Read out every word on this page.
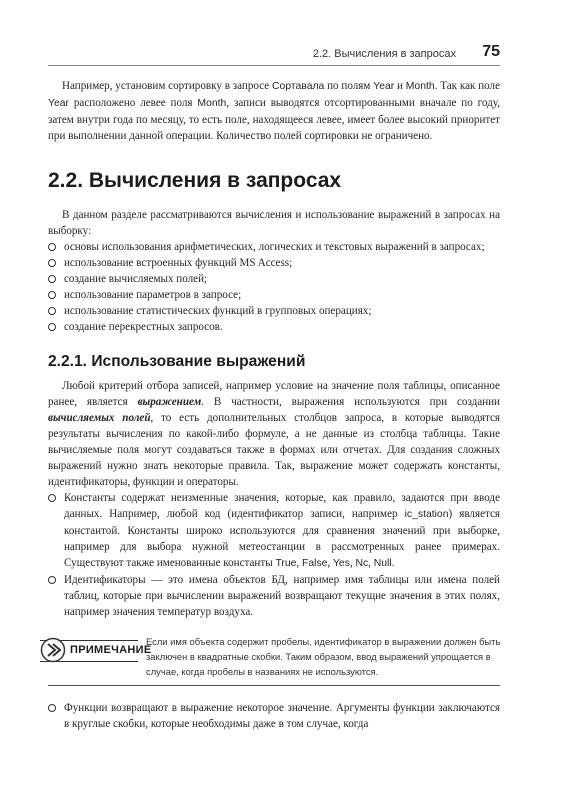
2.2. Вычисления в запросах 75

Например, установим сортировку в запросе Сортавала по полям Year и Month. Так как поле Year расположено левее поля Month, записи выводятся отсортированными вначале по году, затем внутри года по месяцу, то есть поле, находящееся левее, имеет более высокий приоритет при выполнении данной операции. Количество полей сортировки не ограничено.

2.2. Вычисления в запросах

В данном разделе рассматриваются вычисления и использование выражений в запросах на выборку:

основы использования арифметических, логических и текстовых выражений в запросах;
использование встроенных функций MS Access;
создание вычисляемых полей;
использование параметров в запросе;
использование статистических функций в групповых операциях;
создание перекрестных запросов.
2.2.1. Использование выражений

Любой критерий отбора записей, например условие на значение поля таблицы, описанное ранее, является выражением. В частности, выражения используются при создании вычисляемых полей, то есть дополнительных столбцов запроса, в которые выводятся результаты вычисления по какой-либо формуле, а не данные из столбца таблицы. Такие вычисляемые поля могут создаваться также в формах или отчетах. Для создания сложных выражений нужно знать некоторые правила. Так, выражение может содержать константы, идентификаторы, функции и операторы.

Константы содержат неизменные значения, которые, как правило, задаются при вводе данных. Например, любой код (идентификатор записи, например ic_station) является константой. Константы широко используются для сравнения значений при выборке, например для выбора нужной метеостанции в рассмотренных ранее примерах. Существуют также именованные константы True, False, Yes, Nc, Null.
Идентификаторы — это имена объектов БД, например имя таблицы или имена полей таблиц, которые при вычислении выражений возвращают текущие значения в этих полях, например значения температур воздуха.
ПРИМЕЧАНИЕ
Если имя объекта содержит пробелы, идентификатор в выражении должен быть заключен в квадратные скобки. Таким образом, ввод выражений упрощается в случае, когда пробелы в названиях не используются.
Функции возвращают в выражение некоторое значение. Аргументы функции заключаются в круглые скобки, которые необходимы даже в том случае, когда
